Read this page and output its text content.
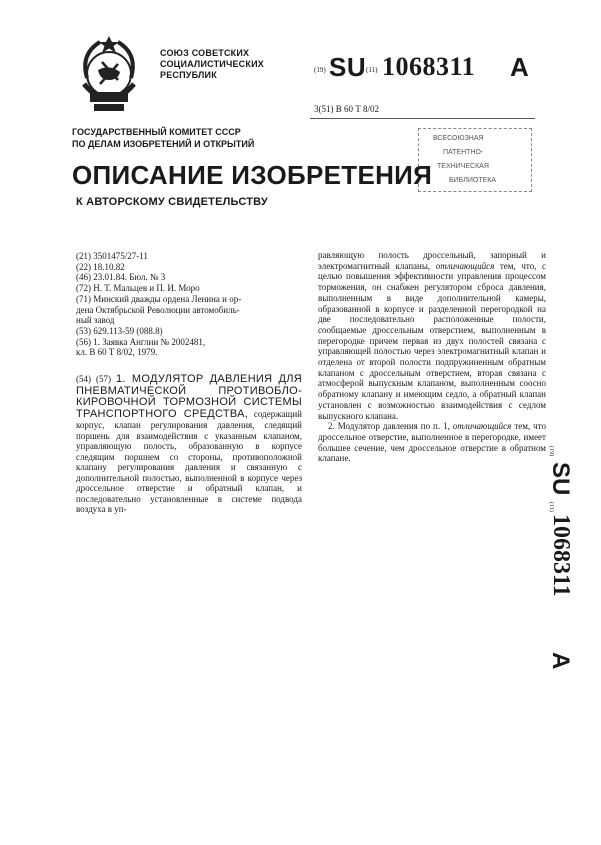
СОЮЗ СОВЕТСКИХ
СОЦИАЛИСТИЧЕСКИХ
РЕСПУБЛИК	(19) SU (11) 1068311 A
3(51) В 60 Т 8/02
ГОСУДАРСТВЕННЫЙ КОМИТЕТ СССР
ПО ДЕЛАМ ИЗОБРЕТЕНИЙ И ОТКРЫТИЙ
ВСЕСОЮЗНАЯ
ПАТЕНТНО-
ТЕХНИЧЕСКАЯ
БИБЛИОТЕКА
ОПИСАНИЕ ИЗОБРЕТЕНИЯ
К АВТОРСКОМУ СВИДЕТЕЛЬСТВУ
(21) 3501475/27-11
(22) 18.10.82
(46) 23.01.84. Бюл. № 3
(72) Н. Т. Мальцев и П. И. Моро
(71) Минский дважды ордена Ленина и ор-
дена Октябрьской Революции автомобиль-
ный завод
(53) 629.113-59 (088.8)
(56) 1. Заявка Англии № 2002481,
кл. В 60 Т 8/02, 1979.
(54) (57) 1. МОДУЛЯТОР ДАВЛЕНИЯ ДЛЯ ПНЕВМАТИЧЕСКОЙ ПРОТИВОБЛО-КИРОВОЧНОЙ ТОРМОЗНОЙ СИСТЕМЫ ТРАНСПОРТНОГО СРЕДСТВА, содержащий корпус, клапан регулирования давления, следящий поршень для взаимодействия с указанным клапаном, управляющую полость, образованную в корпусе следящим поршнем со стороны, противоположной клапану регулирования давления и связанную с дополнительной полостью, выполненной в корпусе через дроссельное отверстие и обратный клапан, и последовательно установленные в системе подвода воздуха в уп-

равляющую полость дроссельный, запорный и электромагнитный клапаны, отличающийся тем, что, с целью повышения эффективности управления процессом торможения, он снабжен регулятором сброса давления, выполненным в виде дополнительной камеры, образованной в корпусе и разделенной перегородкой на две последовательно расположенные полости, сообщаемые дроссельным отверстием, выполненным в перегородке причем первая из двух полостей связана с управляющей полостью через электромагнитный клапан и отделена от второй полости подпружиненным обратным клапаном с дроссельным отверстием, вторая связана с атмосферой выпускным клапаном, выполненным соосно обратному клапану и имеющим седло, а обратный клапан установлен с возможностью взаимодействия с седлом выпускного клапана.

2. Модулятор давления по п. 1, отличающийся тем, что дроссельное отверстие, выполненное в перегородке, имеет большее сечение, чем дроссельное отверстие в обратном клапане.

(19)
SU
(11)
1068311
A
